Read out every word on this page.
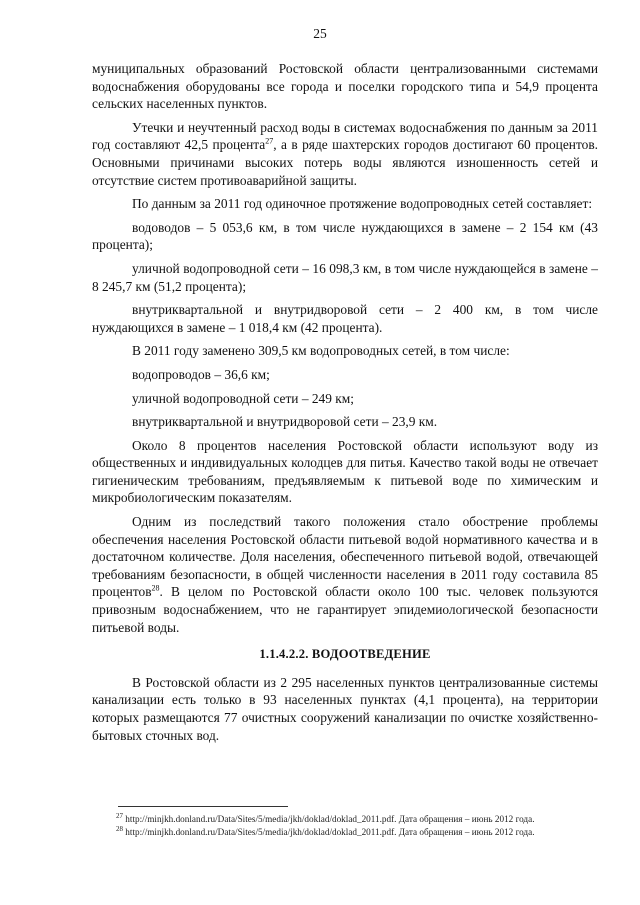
25

муниципальных образований Ростовской области централизованными системами водоснабжения оборудованы все города и поселки городского типа и 54,9 процента сельских населенных пунктов.

Утечки и неучтенный расход воды в системах водоснабжения по данным за 2011 год составляют 42,5 процента$^{27}$, а в ряде шахтерских городов достигают 60 процентов. Основными причинами высоких потерь воды являются изношенность сетей и отсутствие систем противоаварийной защиты.

По данным за 2011 год одиночное протяжение водопроводных сетей составляет:

водоводов – 5 053,6 км, в том числе нуждающихся в замене – 2 154 км (43 процента);

уличной водопроводной сети – 16 098,3 км, в том числе нуждающейся в замене – 8 245,7 км (51,2 процента);

внутриквартальной и внутридворовой сети – 2 400 км, в том числе нуждающихся в замене – 1 018,4 км (42 процента).

В 2011 году заменено 309,5 км водопроводных сетей, в том числе:

водопроводов – 36,6 км;

уличной водопроводной сети – 249 км;

внутриквартальной и внутридворовой сети – 23,9 км.

Около 8 процентов населения Ростовской области используют воду из общественных и индивидуальных колодцев для питья. Качество такой воды не отвечает гигиеническим требованиям, предъявляемым к питьевой воде по химическим и микробиологическим показателям.

Одним из последствий такого положения стало обострение проблемы обеспечения населения Ростовской области питьевой водой нормативного качества и в достаточном количестве. Доля населения, обеспеченного питьевой водой, отвечающей требованиям безопасности, в общей численности населения в 2011 году составила 85 процентов$^{28}$. В целом по Ростовской области около 100 тыс. человек пользуются привозным водоснабжением, что не гарантирует эпидемиологической безопасности питьевой воды.

1.1.4.2.2. ВОДООТВЕДЕНИЕ

В Ростовской области из 2 295 населенных пунктов централизованные системы канализации есть только в 93 населенных пунктах (4,1 процента), на территории которых размещаются 77 очистных сооружений канализации по очистке хозяйственно-бытовых сточных вод.

$^{27}$ http://minjkh.donland.ru/Data/Sites/5/media/jkh/doklad/doklad_2011.pdf. Дата обращения – июнь 2012 года.
$^{28}$ http://minjkh.donland.ru/Data/Sites/5/media/jkh/doklad/doklad_2011.pdf. Дата обращения – июнь 2012 года.
